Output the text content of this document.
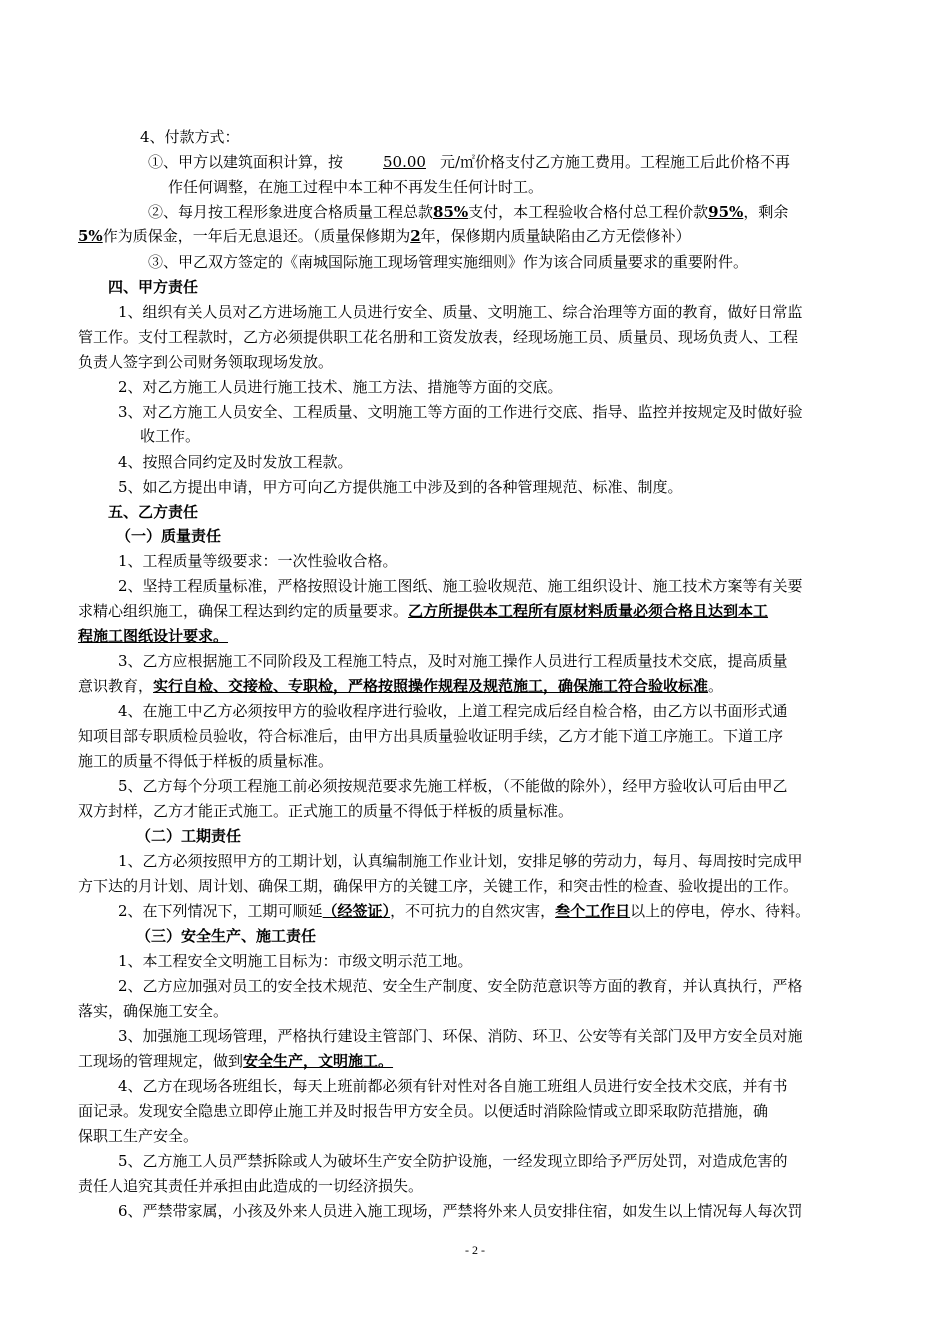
4、付款方式：
①、甲方以建筑面积计算，按	50.00 元/㎡价格支付乙方施工费用。工程施工后此价格不再
作任何调整，在施工过程中本工种不再发生任何计时工。
②、每月按工程形象进度合格质量工程总款85%支付，本工程验收合格付总工程价款95%，剩余
5%作为质保金，一年后无息退还。（质量保修期为2年，保修期内质量缺陷由乙方无偿修补）
③、甲乙双方签定的《南城国际施工现场管理实施细则》作为该合同质量要求的重要附件。
四、甲方责任
1、组织有关人员对乙方进场施工人员进行安全、质量、文明施工、综合治理等方面的教育，做好日常监
管工作。支付工程款时，乙方必须提供职工花名册和工资发放表，经现场施工员、质量员、现场负责人、工程
负责人签字到公司财务领取现场发放。
2、对乙方施工人员进行施工技术、施工方法、措施等方面的交底。
3、对乙方施工人员安全、工程质量、文明施工等方面的工作进行交底、指导、监控并按规定及时做好验
收工作。
4、按照合同约定及时发放工程款。
5、如乙方提出申请，甲方可向乙方提供施工中涉及到的各种管理规范、标准、制度。
五、乙方责任
（一）质量责任
1、工程质量等级要求：一次性验收合格。
2、坚持工程质量标准，严格按照设计施工图纸、施工验收规范、施工组织设计、施工技术方案等有关要
求精心组织施工，确保工程达到约定的质量要求。乙方所提供本工程所有原材料质量必须合格且达到本工
程施工图纸设计要求。
3、乙方应根据施工不同阶段及工程施工特点，及时对施工操作人员进行工程质量技术交底，提高质量
意识教育，实行自检、交接检、专职检，严格按照操作规程及规范施工，确保施工符合验收标准。
4、在施工中乙方必须按甲方的验收程序进行验收，上道工程完成后经自检合格，由乙方以书面形式通
知项目部专职质检员验收，符合标准后，由甲方出具质量验收证明手续，乙方才能下道工序施工。下道工序
施工的质量不得低于样板的质量标准。
5、乙方每个分项工程施工前必须按规范要求先施工样板，（不能做的除外），经甲方验收认可后由甲乙
双方封样，乙方才能正式施工。正式施工的质量不得低于样板的质量标准。
（二）工期责任
1、乙方必须按照甲方的工期计划，认真编制施工作业计划，安排足够的劳动力，每月、每周按时完成甲
方下达的月计划、周计划、确保工期，确保甲方的关键工序，关键工作，和突击性的检查、验收提出的工作。
2、在下列情况下，工期可顺延（经签证），不可抗力的自然灾害，叁个工作日以上的停电，停水、待料。
（三）安全生产、施工责任
1、本工程安全文明施工目标为：市级文明示范工地。
2、乙方应加强对员工的安全技术规范、安全生产制度、安全防范意识等方面的教育，并认真执行，严格
落实，确保施工安全。
3、加强施工现场管理，严格执行建设主管部门、环保、消防、环卫、公安等有关部门及甲方安全员对施
工现场的管理规定，做到安全生产，文明施工。
4、乙方在现场各班组长，每天上班前都必须有针对性对各自施工班组人员进行安全技术交底，并有书
面记录。发现安全隐患立即停止施工并及时报告甲方安全员。以便适时消除险情或立即采取防范措施，确
保职工生产安全。
5、乙方施工人员严禁拆除或人为破坏生产安全防护设施，一经发现立即给予严厉处罚，对造成危害的
责任人追究其责任并承担由此造成的一切经济损失。
6、严禁带家属，小孩及外来人员进入施工现场，严禁将外来人员安排住宿，如发生以上情况每人每次罚
- 2 -
